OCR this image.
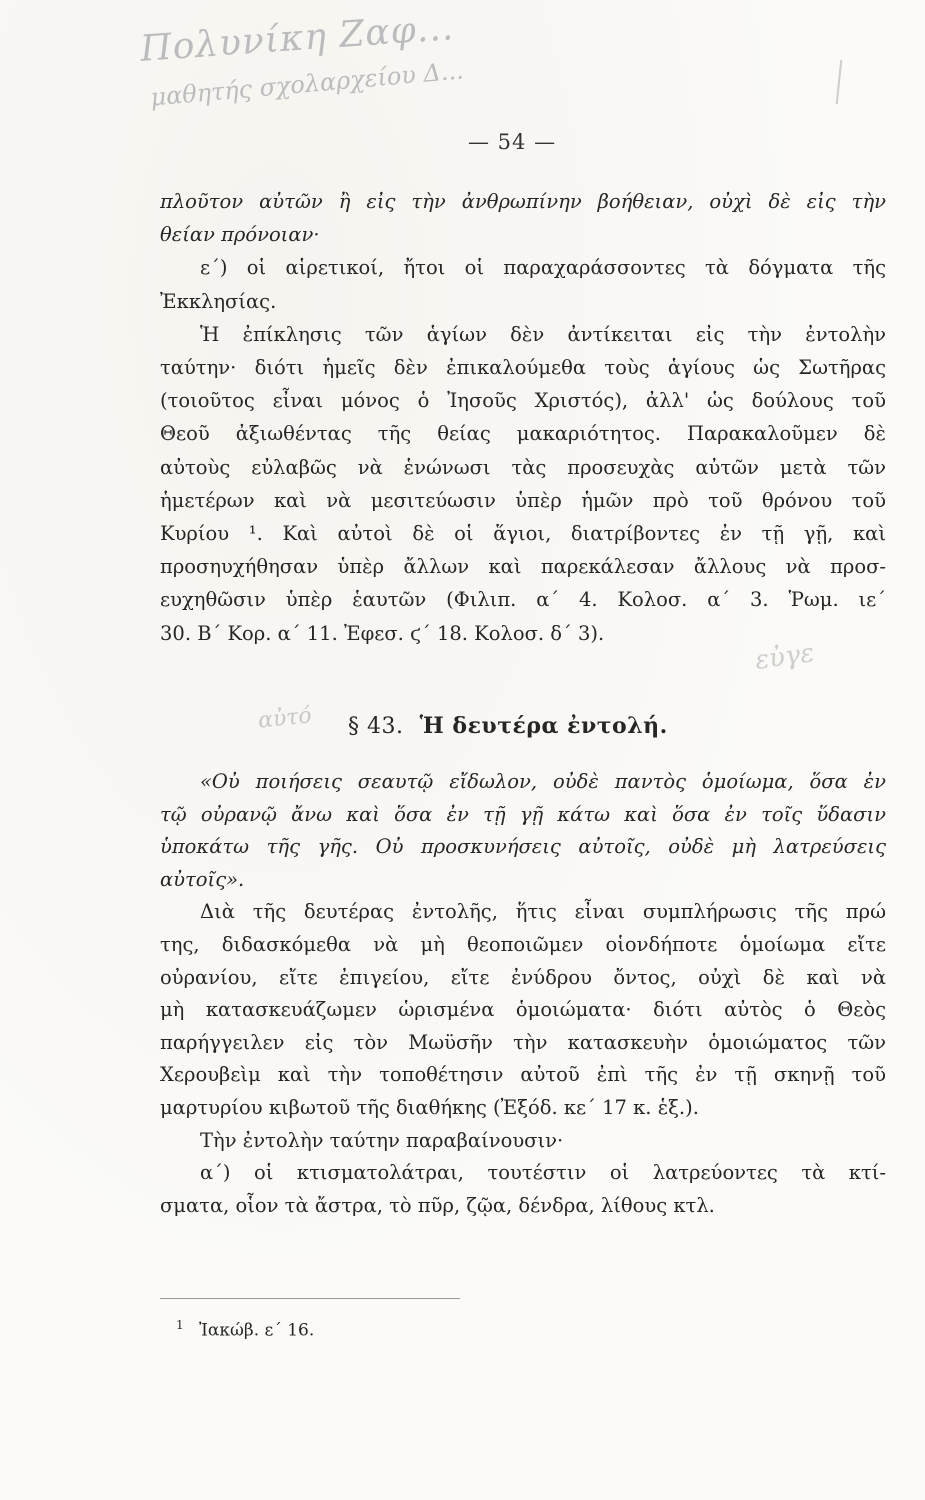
Πολυνίκη Ζαφ...
μαθητής σχολαρχείου Δ...
— 54 —
πλοῦτον αὐτῶν ἢ εἰς τὴν ἀνθρωπίνην βοήθειαν, οὐχὶ δὲ εἰς τὴν
θείαν πρόνοιαν·
ε΄) οἱ αἱρετικοί, ἤτοι οἱ παραχαράσσοντες τὰ δόγματα τῆς
Ἐκκλησίας.
Ἡ ἐπίκλησις τῶν ἁγίων δὲν ἀντίκειται εἰς τὴν ἐντολὴν
ταύτην· διότι ἡμεῖς δὲν ἐπικαλούμεθα τοὺς ἁγίους ὡς Σωτῆρας
(τοιοῦτος εἶναι μόνος ὁ Ἰησοῦς Χριστός), ἀλλ' ὡς δούλους τοῦ
Θεοῦ ἀξιωθέντας τῆς θείας μακαριότητος. Παρακαλοῦμεν δὲ
αὐτοὺς εὐλαβῶς νὰ ἑνώνωσι τὰς προσευχὰς αὐτῶν μετὰ τῶν
ἡμετέρων καὶ νὰ μεσιτεύωσιν ὑπὲρ ἡμῶν πρὸ τοῦ θρόνου τοῦ
Κυρίου ¹. Καὶ αὐτοὶ δὲ οἱ ἅγιοι, διατρίβοντες ἐν τῇ γῇ, καὶ
προσηυχήθησαν ὑπὲρ ἄλλων καὶ παρεκάλεσαν ἄλλους νὰ προσ-
ευχηθῶσιν ὑπὲρ ἑαυτῶν (Φιλιπ. α΄ 4. Κολοσ. α΄ 3. Ῥωμ. ιε΄
30. Β΄ Κορ. α΄ 11. Ἐφεσ. ϛ΄ 18. Κολοσ. δ΄ 3).
εὐγε
αὐτό § 43. Ἡ δευτέρα ἐντολή.
«Οὐ ποιήσεις σεαυτῷ εἴδωλον, οὐδὲ παντὸς ὁμοίωμα, ὅσα ἐν
τῷ οὐρανῷ ἄνω καὶ ὅσα ἐν τῇ γῇ κάτω καὶ ὅσα ἐν τοῖς ὕδασιν
ὑποκάτω τῆς γῆς. Οὐ προσκυνήσεις αὐτοῖς, οὐδὲ μὴ λατρεύσεις
αὐτοῖς».
Διὰ τῆς δευτέρας ἐντολῆς, ἥτις εἶναι συμπλήρωσις τῆς πρώ
της, διδασκόμεθα νὰ μὴ θεοποιῶμεν οἱονδήποτε ὁμοίωμα εἴτε
οὐρανίου, εἴτε ἐπιγείου, εἴτε ἐνύδρου ὄντος, οὐχὶ δὲ καὶ νὰ
μὴ κατασκευάζωμεν ὡρισμένα ὁμοιώματα· διότι αὐτὸς ὁ Θεὸς
παρήγγειλεν εἰς τὸν Μωϋσῆν τὴν κατασκευὴν ὁμοιώματος τῶν
Χερουβεὶμ καὶ τὴν τοποθέτησιν αὐτοῦ ἐπὶ τῆς ἐν τῇ σκηνῇ τοῦ
μαρτυρίου κιβωτοῦ τῆς διαθήκης (Ἐξόδ. κε΄ 17 κ. ἑξ.).
Τὴν ἐντολὴν ταύτην παραβαίνουσιν·
α΄) οἱ κτισματολάτραι, τουτέστιν οἱ λατρεύοντες τὰ κτί-
σματα, οἷον τὰ ἄστρα, τὸ πῦρ, ζῷα, δένδρα, λίθους κτλ.
$^1$ Ἰακώβ. ε΄ 16.
